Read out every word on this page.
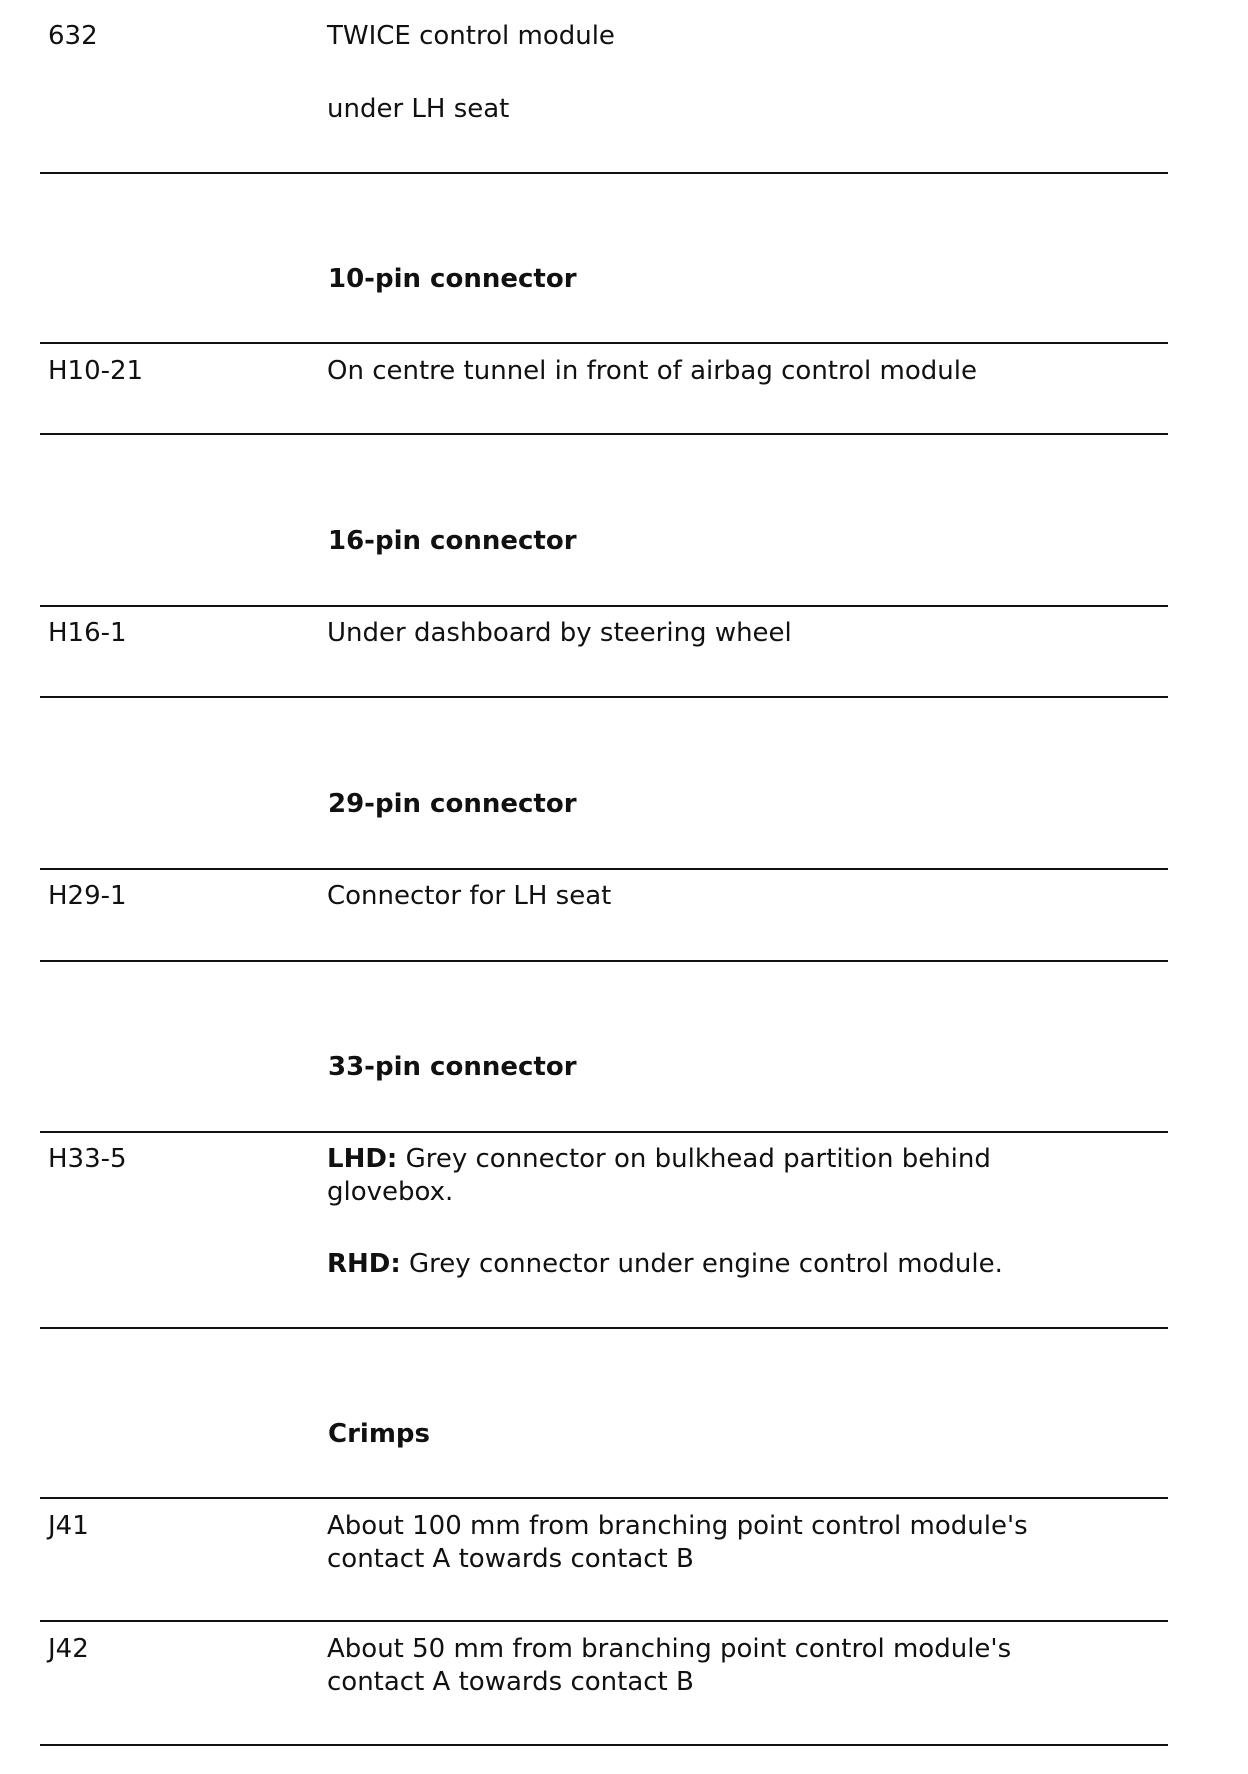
632	TWICE control module
under LH seat
10-pin connector
H10-21	On centre tunnel in front of airbag control module
16-pin connector
H16-1	Under dashboard by steering wheel
29-pin connector
H29-1	Connector for LH seat
33-pin connector
H33-5	LHD: Grey connector on bulkhead partition behind
glovebox.
RHD: Grey connector under engine control module.
Crimps
J41	About 100 mm from branching point control module's
contact A towards contact B
J42	About 50 mm from branching point control module's
contact A towards contact B
